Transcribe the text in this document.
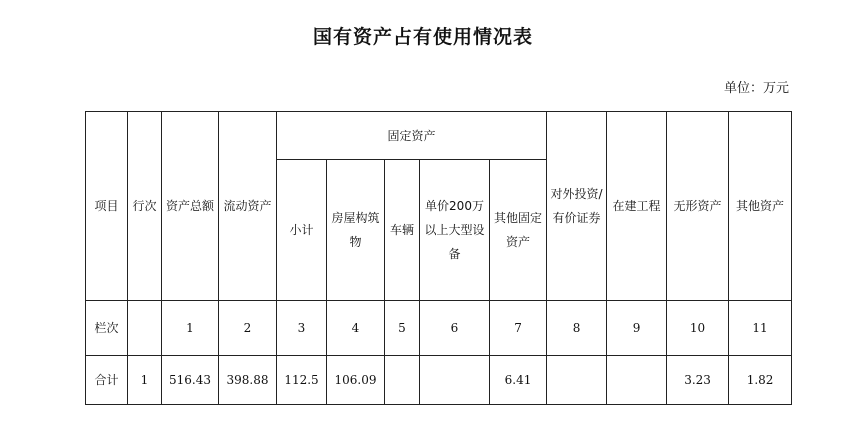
国有资产占有使用情况表
单位：万元
项目	行次	资产总额	流动资产	固定资产					对外投资/有价证券	在建工程	无形资产	其他资产
				小计	房屋构筑物	车辆	单价200万以上大型设备	其他固定资产				

栏次		1	2	3	4	5	6	7	8	9	10	11
合计	1	516.43	398.88	112.5	106.09			6.41			3.23	1.82
